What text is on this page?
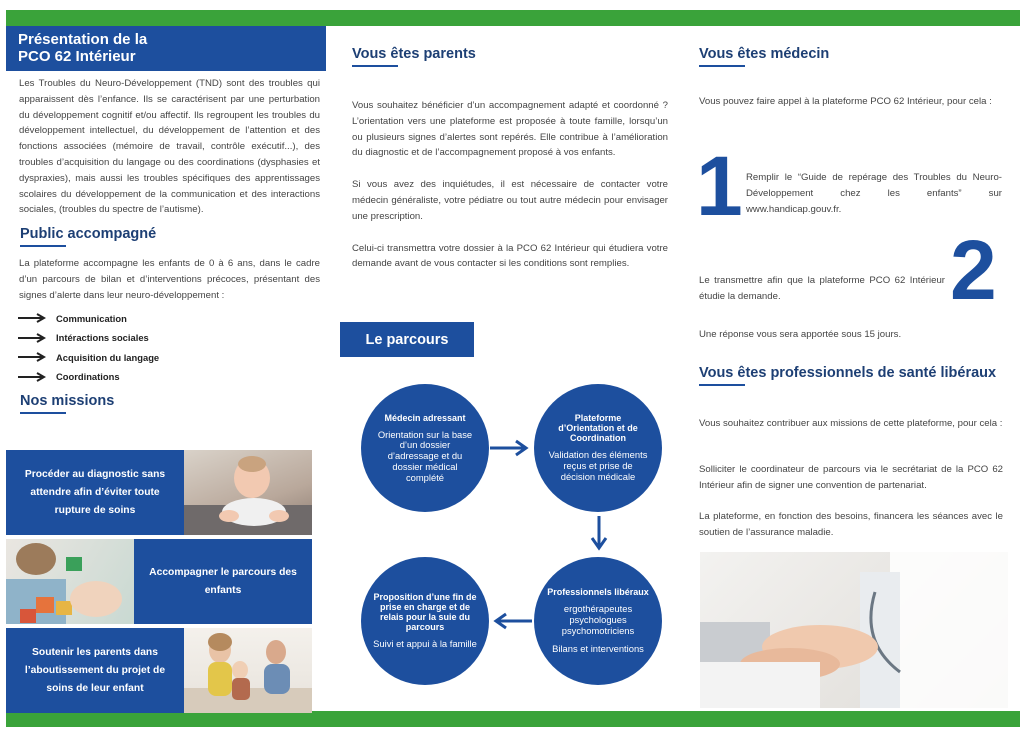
Présentation de la
PCO 62 Intérieur

Les Troubles du Neuro-Développement (TND) sont des troubles qui apparaissent dès l’enfance. Ils se caractérisent par une perturbation du développement cognitif et/ou affectif. Ils regroupent les troubles du développement intellectuel, du développement de l’attention et des fonctions associées (mémoire de travail, contrôle exécutif...), des troubles d’acquisition du langage ou des coordinations (dysphasies et dyspraxies), mais aussi les troubles spécifiques des apprentissages scolaires du développement de la communication et des interactions sociales, (troubles du spectre de l’autisme).

Public accompagné

La plateforme accompagne les enfants de 0 à 6 ans, dans le cadre d’un parcours de bilan et d’interventions précoces, présentant des signes d’alerte dans leur neuro-développement :

Communication
Intéractions sociales
Acquisition du langage
Coordinations
Nos missions
Procéder au diagnostic sans attendre afin d’éviter toute rupture de soins
Accompagner le parcours des enfants
Soutenir les parents dans l’aboutissement du projet de soins de leur enfant
Vous êtes parents

Vous souhaitez bénéficier d’un accompagnement adapté et coordonné ? L’orientation vers une plateforme est proposée à toute famille, lorsqu’un ou plusieurs signes d’alertes sont repérés. Elle contribue à l’amélioration du diagnostic et de l’accompagnement proposé à vos enfants.

Si vous avez des inquiétudes, il est nécessaire de contacter votre médecin généraliste, votre pédiatre ou tout autre médecin pour envisager une prescription.

Celui-ci transmettra votre dossier à la PCO 62 Intérieur qui étudiera votre demande avant de vous contacter si les conditions sont remplies.

Le parcours
Médecin adressant
Orientation sur la base d’un dossier d’adressage et du dossier médical complété
Plateforme d’Orientation et de Coordination
Validation des éléments reçus et prise de décision médicale
Professionnels libéraux
ergothérapeutes psychologues psychomotriciens
Bilans et interventions
Proposition d’une fin de prise en charge et de relais pour la suie du parcours
Suivi et appui à la famille
Vous êtes médecin

Vous pouvez faire appel à la plateforme PCO 62 Intérieur, pour cela :

1 Remplir le “Guide de repérage des Troubles du Neuro-Développement chez les enfants” sur www.handicap.gouv.fr.

2

Le transmettre afin que la plateforme PCO 62 Intérieur étudie la demande.

Une réponse vous sera apportée sous 15 jours.

Vous êtes professionnels de santé libéraux

Vous souhaitez contribuer aux missions de cette plateforme, pour cela :

Solliciter le coordinateur de parcours via le secrétariat de la PCO 62 Intérieur afin de signer une convention de partenariat.

La plateforme, en fonction des besoins, financera les séances avec le soutien de l’assurance maladie.
